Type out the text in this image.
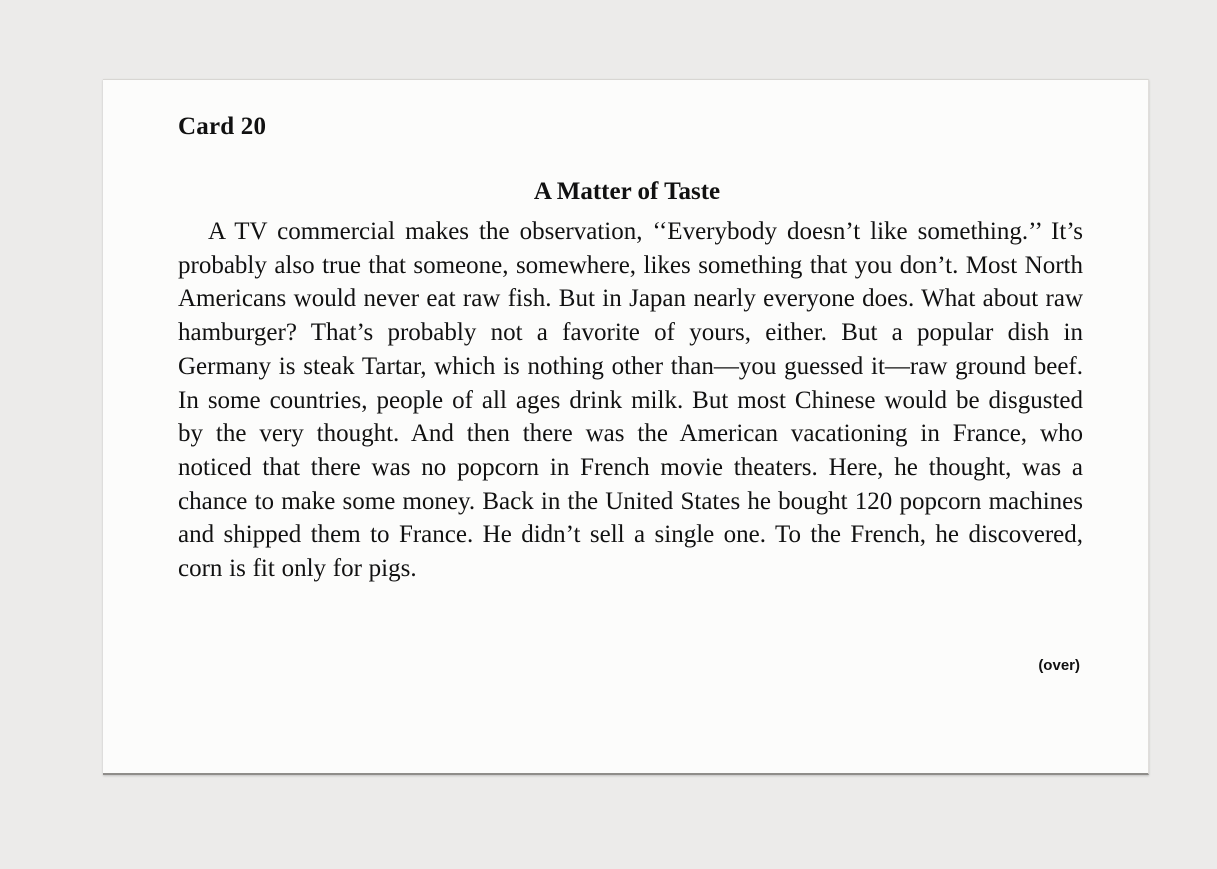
Card 20
A Matter of Taste

A TV commercial makes the observation, ‘‘Everybody doesn’t like something.’’ It’s probably also true that someone, somewhere, likes something that you don’t. Most North Americans would never eat raw fish. But in Japan nearly everyone does. What about raw hamburger? That’s probably not a favorite of yours, either. But a popular dish in Germany is steak Tartar, which is nothing other than—you guessed it—raw ground beef. In some countries, people of all ages drink milk. But most Chinese would be disgusted by the very thought. And then there was the American vacationing in France, who noticed that there was no popcorn in French movie theaters. Here, he thought, was a chance to make some money. Back in the United States he bought 120 popcorn machines and shipped them to France. He didn’t sell a single one. To the French, he discovered, corn is fit only for pigs.

(over)
